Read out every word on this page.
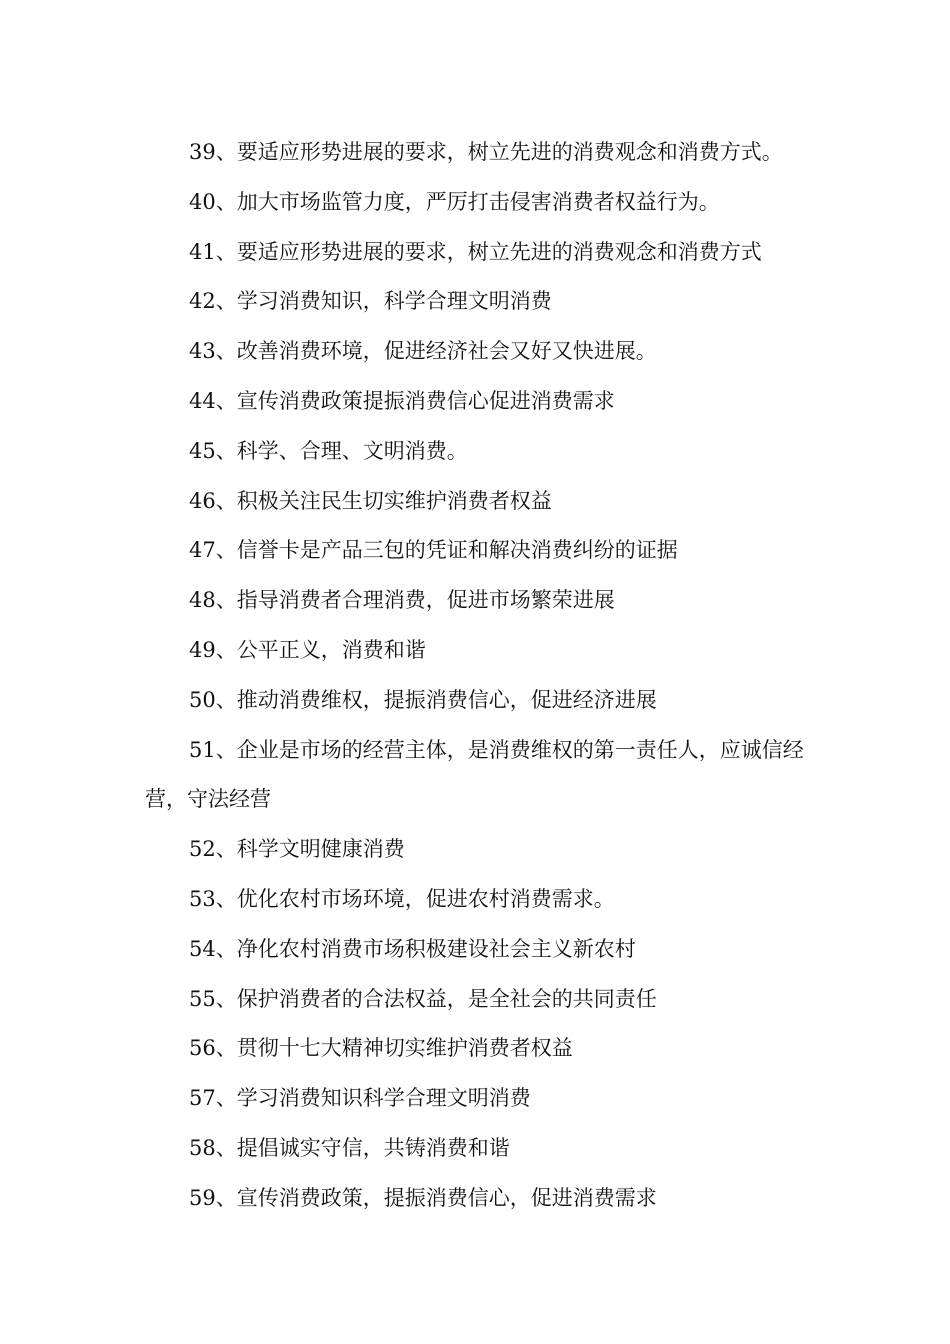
39、要适应形势进展的要求，树立先进的消费观念和消费方式。

40、加大市场监管力度，严厉打击侵害消费者权益行为。

41、要适应形势进展的要求，树立先进的消费观念和消费方式

42、学习消费知识，科学合理文明消费

43、改善消费环境，促进经济社会又好又快进展。

44、宣传消费政策提振消费信心促进消费需求

45、科学、合理、文明消费。

46、积极关注民生切实维护消费者权益

47、信誉卡是产品三包的凭证和解决消费纠纷的证据

48、指导消费者合理消费，促进市场繁荣进展

49、公平正义，消费和谐

50、推动消费维权，提振消费信心，促进经济进展

51、企业是市场的经营主体，是消费维权的第一责任人，应诚信经营，守法经营

52、科学文明健康消费

53、优化农村市场环境，促进农村消费需求。

54、净化农村消费市场积极建设社会主义新农村

55、保护消费者的合法权益，是全社会的共同责任

56、贯彻十七大精神切实维护消费者权益

57、学习消费知识科学合理文明消费

58、提倡诚实守信，共铸消费和谐

59、宣传消费政策，提振消费信心，促进消费需求
